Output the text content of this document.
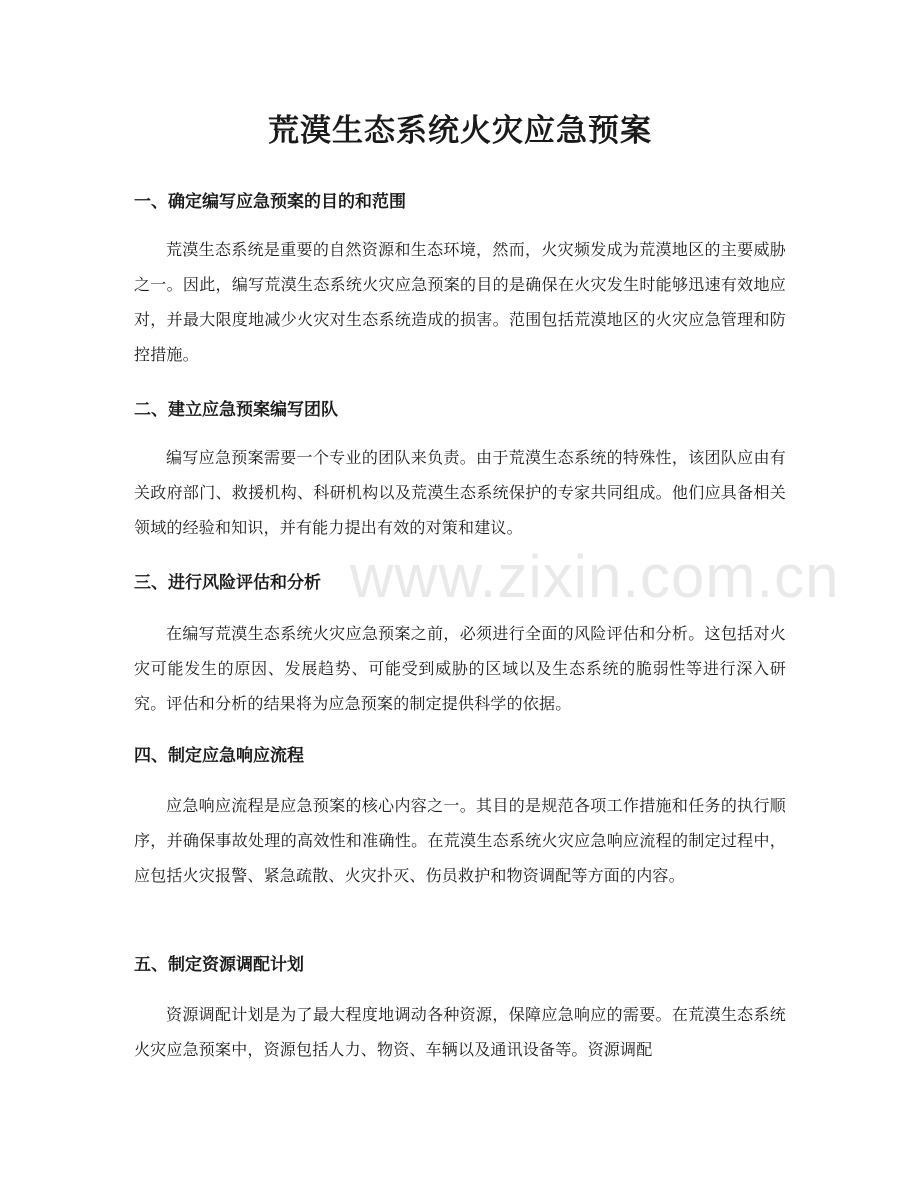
荒漠生态系统火灾应急预案
www.zixin.com.cn
一、确定编写应急预案的目的和范围

荒漠生态系统是重要的自然资源和生态环境，然而，火灾频发成为荒漠地区的主要威胁之一。因此，编写荒漠生态系统火灾应急预案的目的是确保在火灾发生时能够迅速有效地应对，并最大限度地减少火灾对生态系统造成的损害。范围包括荒漠地区的火灾应急管理和防控措施。

二、建立应急预案编写团队

编写应急预案需要一个专业的团队来负责。由于荒漠生态系统的特殊性，该团队应由有关政府部门、救援机构、科研机构以及荒漠生态系统保护的专家共同组成。他们应具备相关领域的经验和知识，并有能力提出有效的对策和建议。

三、进行风险评估和分析

在编写荒漠生态系统火灾应急预案之前，必须进行全面的风险评估和分析。这包括对火灾可能发生的原因、发展趋势、可能受到威胁的区域以及生态系统的脆弱性等进行深入研究。评估和分析的结果将为应急预案的制定提供科学的依据。

四、制定应急响应流程

应急响应流程是应急预案的核心内容之一。其目的是规范各项工作措施和任务的执行顺序，并确保事故处理的高效性和准确性。在荒漠生态系统火灾应急响应流程的制定过程中，应包括火灾报警、紧急疏散、火灾扑灭、伤员救护和物资调配等方面的内容。

五、制定资源调配计划

资源调配计划是为了最大程度地调动各种资源，保障应急响应的需要。在荒漠生态系统火灾应急预案中，资源包括人力、物资、车辆以及通讯设备等。资源调配
